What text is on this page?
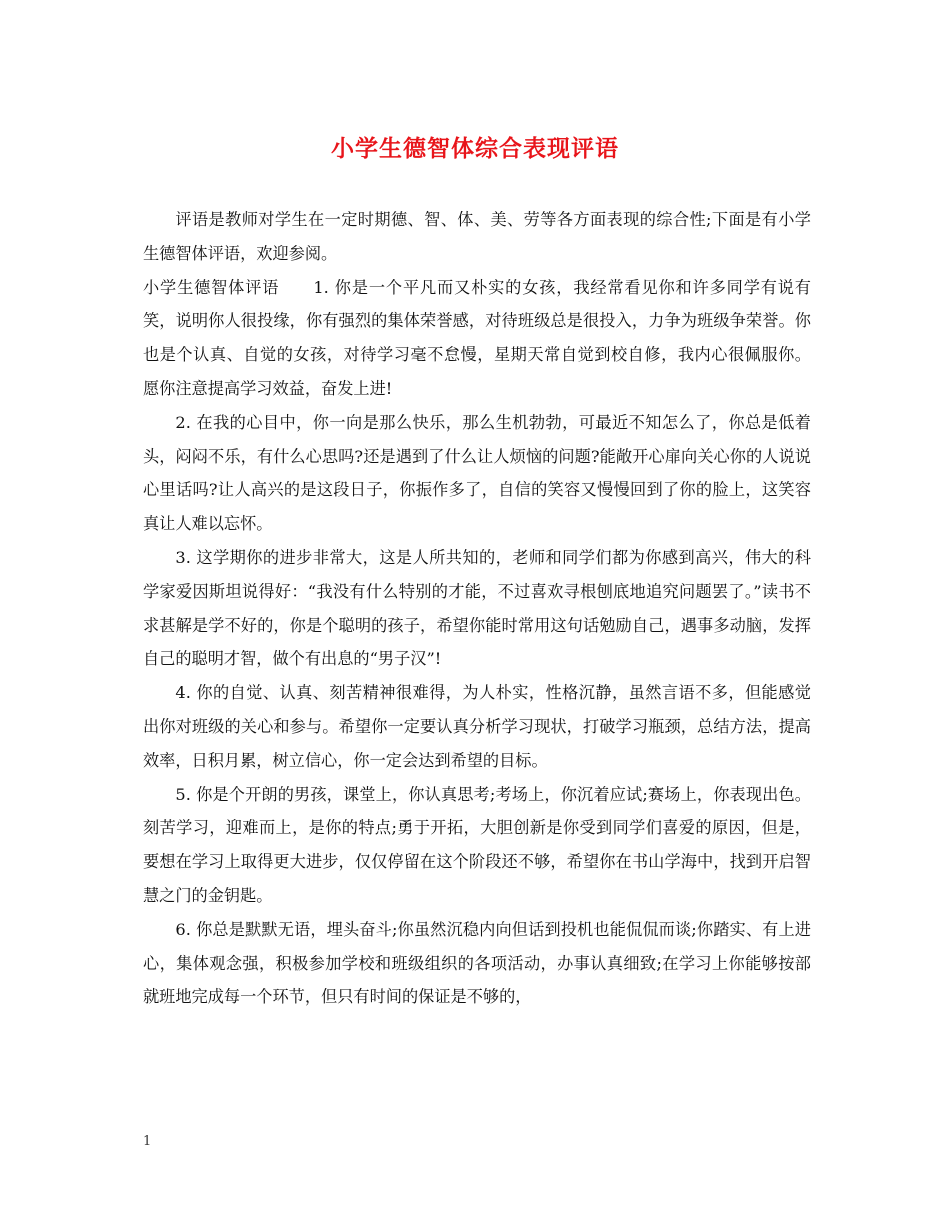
小学生德智体综合表现评语

评语是教师对学生在一定时期德、智、体、美、劳等各方面表现的综合性;下面是有小学生德智体评语，欢迎参阅。

小学生德智体评语　　1. 你是一个平凡而又朴实的女孩，我经常看见你和许多同学有说有笑，说明你人很投缘，你有强烈的集体荣誉感，对待班级总是很投入，力争为班级争荣誉。你也是个认真、自觉的女孩，对待学习毫不怠慢，星期天常自觉到校自修，我内心很佩服你。 愿你注意提高学习效益，奋发上进!

2. 在我的心目中，你一向是那么快乐，那么生机勃勃，可最近不知怎么了，你总是低着头，闷闷不乐，有什么心思吗?还是遇到了什么让人烦恼的问题?能敞开心扉向关心你的人说说心里话吗?让人高兴的是这段日子，你振作多了，自信的笑容又慢慢回到了你的脸上，这笑容真让人难以忘怀。

3. 这学期你的进步非常大，这是人所共知的，老师和同学们都为你感到高兴，伟大的科学家爱因斯坦说得好：“我没有什么特别的才能，不过喜欢寻根刨底地追究问题罢了。”读书不求甚解是学不好的，你是个聪明的孩子，希望你能时常用这句话勉励自己，遇事多动脑，发挥自己的聪明才智，做个有出息的“男子汉”!

4. 你的自觉、认真、刻苦精神很难得，为人朴实，性格沉静，虽然言语不多，但能感觉出你对班级的关心和参与。希望你一定要认真分析学习现状，打破学习瓶颈，总结方法，提高效率，日积月累，树立信心，你一定会达到希望的目标。

5. 你是个开朗的男孩，课堂上，你认真思考;考场上，你沉着应试;赛场上，你表现出色。刻苦学习，迎难而上，是你的特点;勇于开拓，大胆创新是你受到同学们喜爱的原因，但是，要想在学习上取得更大进步，仅仅停留在这个阶段还不够，希望你在书山学海中，找到开启智慧之门的金钥匙。

6. 你总是默默无语，埋头奋斗;你虽然沉稳内向但话到投机也能侃侃而谈;你踏实、有上进心，集体观念强，积极参加学校和班级组织的各项活动，办事认真细致;在学习上你能够按部就班地完成每一个环节，但只有时间的保证是不够的，

1
